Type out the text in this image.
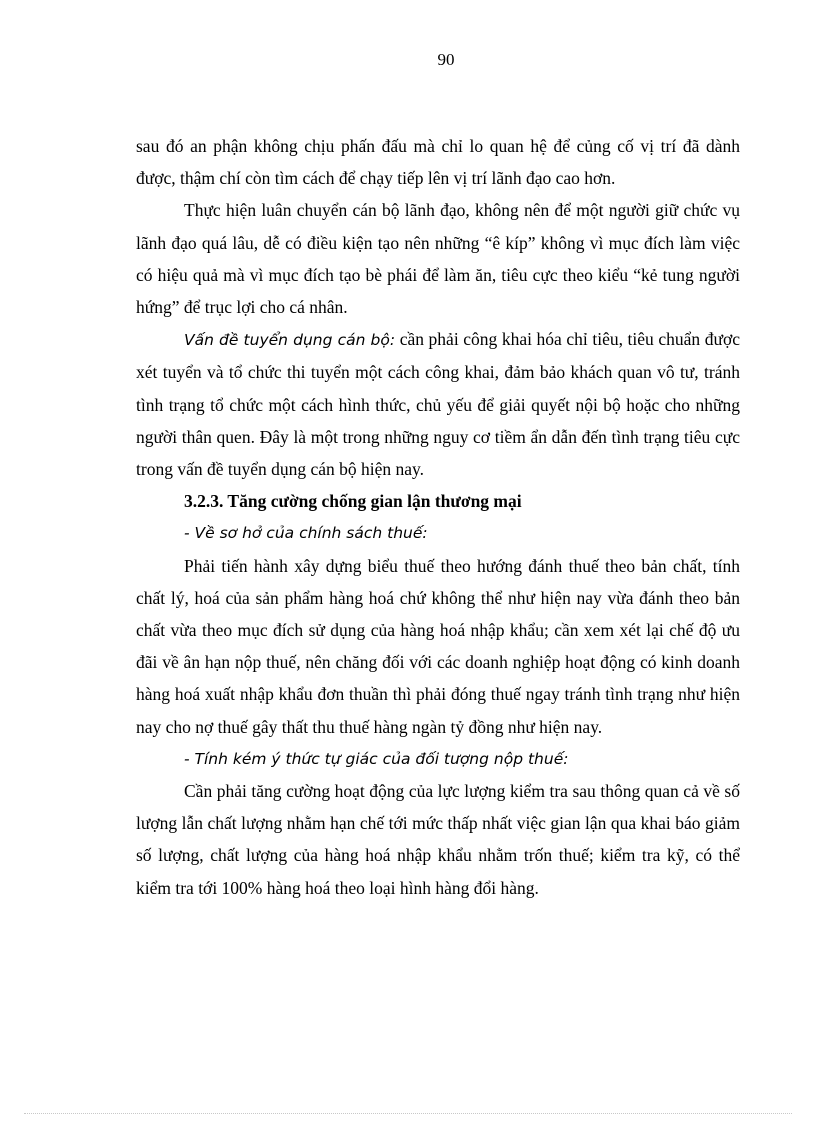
90

sau đó an phận không chịu phấn đấu mà chỉ lo quan hệ để củng cố vị trí đã dành được, thậm chí còn tìm cách để chạy tiếp lên vị trí lãnh đạo cao hơn.

Thực hiện luân chuyển cán bộ lãnh đạo, không nên để một người giữ chức vụ lãnh đạo quá lâu, dễ có điều kiện tạo nên những “ê kíp” không vì mục đích làm việc có hiệu quả mà vì mục đích tạo bè phái để làm ăn, tiêu cực theo kiểu “kẻ tung người hứng” để trục lợi cho cá nhân.

Vấn đề tuyển dụng cán bộ: cần phải công khai hóa chỉ tiêu, tiêu chuẩn được xét tuyển và tổ chức thi tuyển một cách công khai, đảm bảo khách quan vô tư, tránh tình trạng tổ chức một cách hình thức, chủ yếu để giải quyết nội bộ hoặc cho những người thân quen. Đây là một trong những nguy cơ tiềm ẩn dẫn đến tình trạng tiêu cực trong vấn đề tuyển dụng cán bộ hiện nay.

3.2.3. Tăng cường chống gian lận thương mại

- Về sơ hở của chính sách thuế:

Phải tiến hành xây dựng biểu thuế theo hướng đánh thuế theo bản chất, tính chất lý, hoá của sản phẩm hàng hoá chứ không thể như hiện nay vừa đánh theo bản chất vừa theo mục đích sử dụng của hàng hoá nhập khẩu; cần xem xét lại chế độ ưu đãi về ân hạn nộp thuế, nên chăng đối với các doanh nghiệp hoạt động có kinh doanh hàng hoá xuất nhập khẩu đơn thuần thì phải đóng thuế ngay tránh tình trạng như hiện nay cho nợ thuế gây thất thu thuế hàng ngàn tỷ đồng như hiện nay.

- Tính kém ý thức tự giác của đối tượng nộp thuế:

Cần phải tăng cường hoạt động của lực lượng kiểm tra sau thông quan cả về số lượng lẫn chất lượng nhằm hạn chế tới mức thấp nhất việc gian lận qua khai báo giảm số lượng, chất lượng của hàng hoá nhập khẩu nhằm trốn thuế; kiểm tra kỹ, có thể kiểm tra tới 100% hàng hoá theo loại hình hàng đổi hàng.
